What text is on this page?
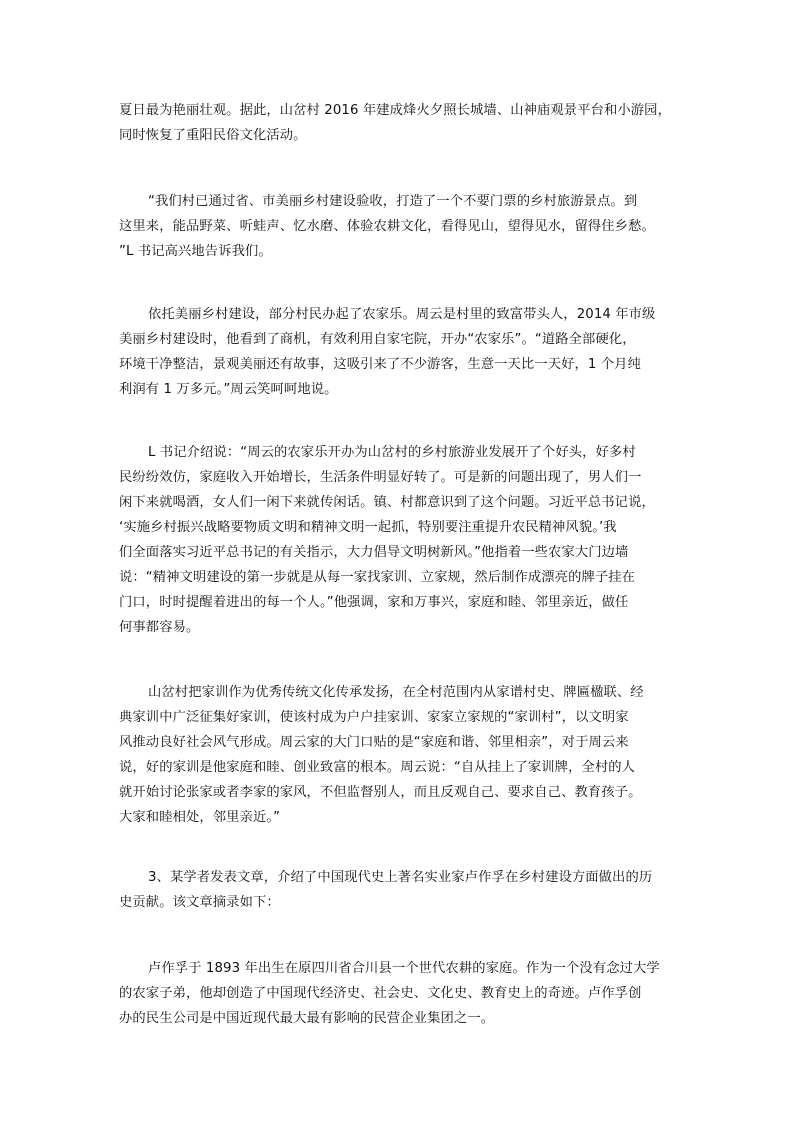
夏日最为艳丽壮观。据此，山岔村 2016 年建成烽火夕照长城墙、山神庙观景平台和小游园，
同时恢复了重阳民俗文化活动。

“我们村已通过省、市美丽乡村建设验收，打造了一个不要门票的乡村旅游景点。到
这里来，能品野菜、听蛙声、忆水磨、体验农耕文化，看得见山，望得见水，留得住乡愁。
”L 书记高兴地告诉我们。

依托美丽乡村建设，部分村民办起了农家乐。周云是村里的致富带头人，2014 年市级
美丽乡村建设时，他看到了商机，有效利用自家宅院，开办“农家乐”。“道路全部硬化，
环境干净整洁，景观美丽还有故事，这吸引来了不少游客，生意一天比一天好，1 个月纯
利润有 1 万多元。”周云笑呵呵地说。

L 书记介绍说：“周云的农家乐开办为山岔村的乡村旅游业发展开了个好头，好多村
民纷纷效仿，家庭收入开始增长，生活条件明显好转了。可是新的问题出现了，男人们一
闲下来就喝酒，女人们一闲下来就传闲话。镇、村都意识到了这个问题。习近平总书记说，
‘实施乡村振兴战略要物质文明和精神文明一起抓，特别要注重提升农民精神风貌。’我
们全面落实习近平总书记的有关指示，大力倡导文明树新风。”他指着一些农家大门边墙
说：“精神文明建设的第一步就是从每一家找家训、立家规，然后制作成漂亮的牌子挂在
门口，时时提醒着进出的每一个人。”他强调，家和万事兴，家庭和睦、邻里亲近，做任
何事都容易。

山岔村把家训作为优秀传统文化传承发扬，在全村范围内从家谱村史、牌匾楹联、经
典家训中广泛征集好家训，使该村成为户户挂家训、家家立家规的“家训村”，以文明家
风推动良好社会风气形成。周云家的大门口贴的是“家庭和谐、邻里相亲”，对于周云来
说，好的家训是他家庭和睦、创业致富的根本。周云说：“自从挂上了家训牌，全村的人
就开始讨论张家或者李家的家风，不但监督别人，而且反观自己、要求自己、教育孩子。
大家和睦相处，邻里亲近。”

3、某学者发表文章，介绍了中国现代史上著名实业家卢作孚在乡村建设方面做出的历
史贡献。该文章摘录如下：

卢作孚于 1893 年出生在原四川省合川县一个世代农耕的家庭。作为一个没有念过大学
的农家子弟，他却创造了中国现代经济史、社会史、文化史、教育史上的奇迹。卢作孚创
办的民生公司是中国近现代最大最有影响的民营企业集团之一。
